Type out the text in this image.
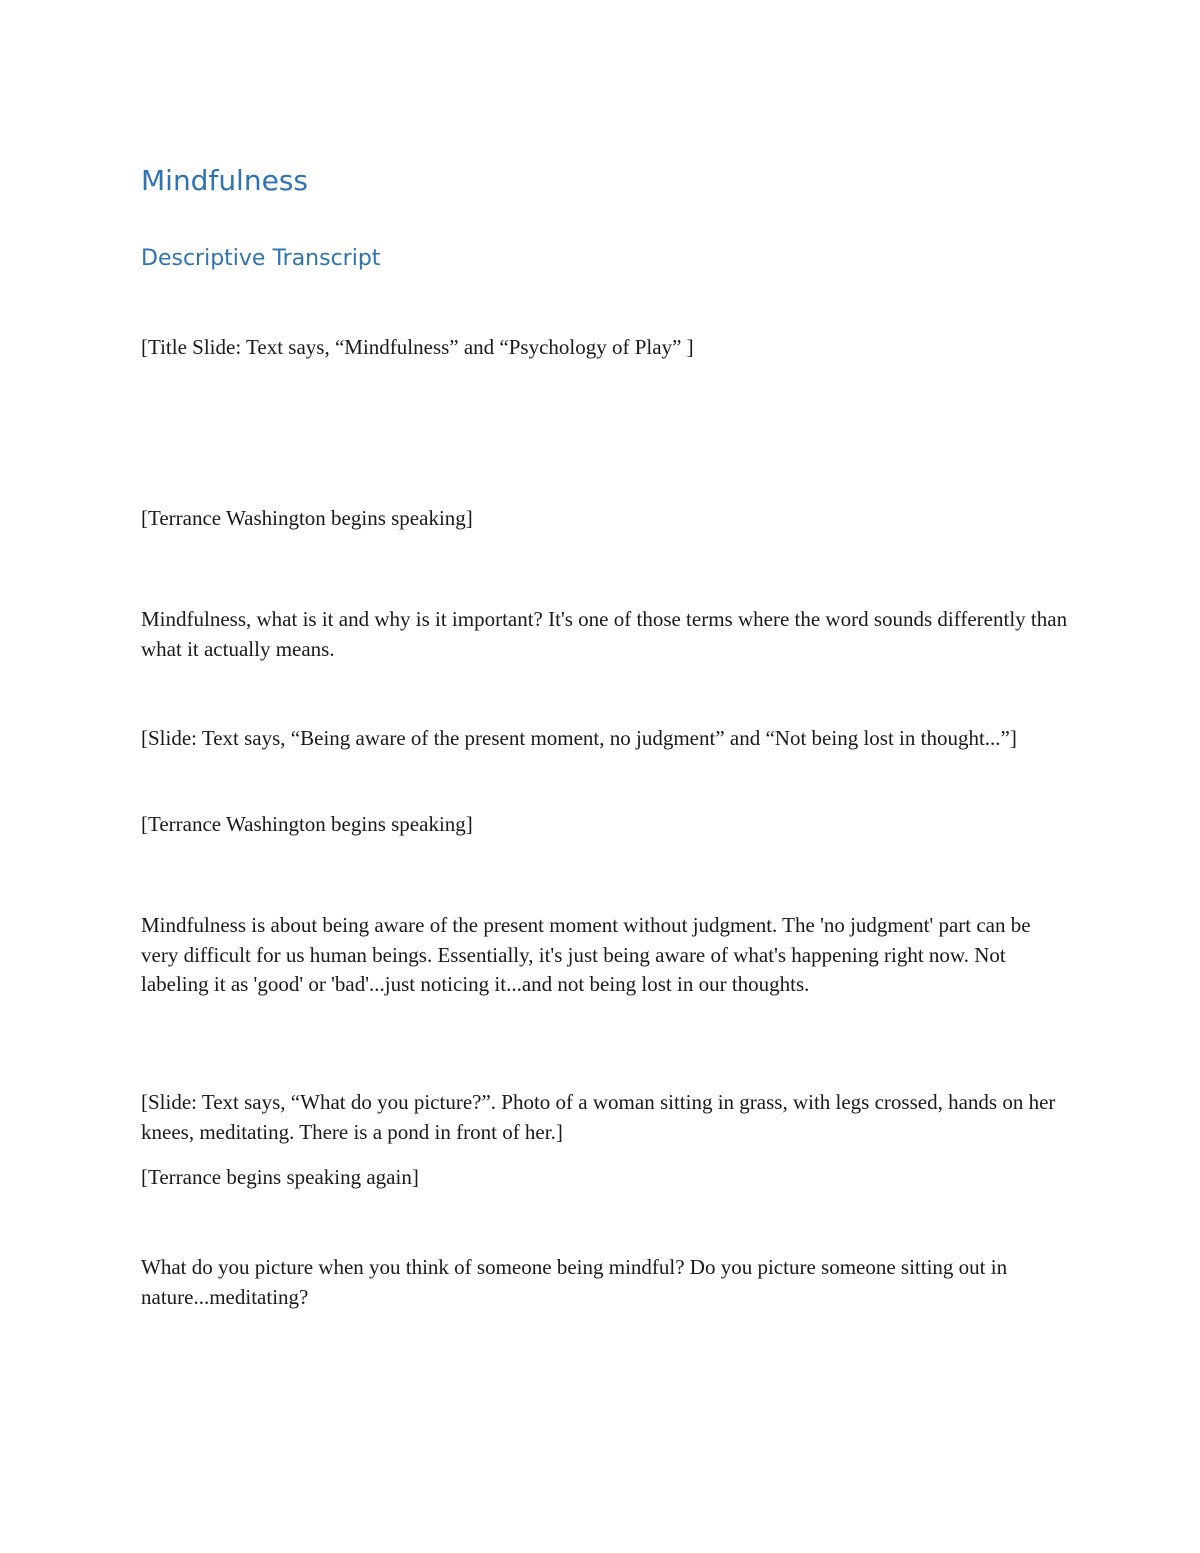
Mindfulness
Descriptive Transcript

[Title Slide: Text says, “Mindfulness” and “Psychology of Play” ]

[Terrance Washington begins speaking]

Mindfulness, what is it and why is it important? It's one of those terms where the word sounds differently than what it actually means.

[Slide: Text says, “Being aware of the present moment, no judgment” and “Not being lost in thought...”]

[Terrance Washington begins speaking]

Mindfulness is about being aware of the present moment without judgment. The 'no judgment' part can be very difficult for us human beings. Essentially, it's just being aware of what's happening right now. Not labeling it as 'good' or 'bad'...just noticing it...and not being lost in our thoughts.

[Slide: Text says, “What do you picture?”. Photo of a woman sitting in grass, with legs crossed, hands on her knees, meditating. There is a pond in front of her.]

[Terrance begins speaking again]

What do you picture when you think of someone being mindful? Do you picture someone sitting out in nature...meditating?
